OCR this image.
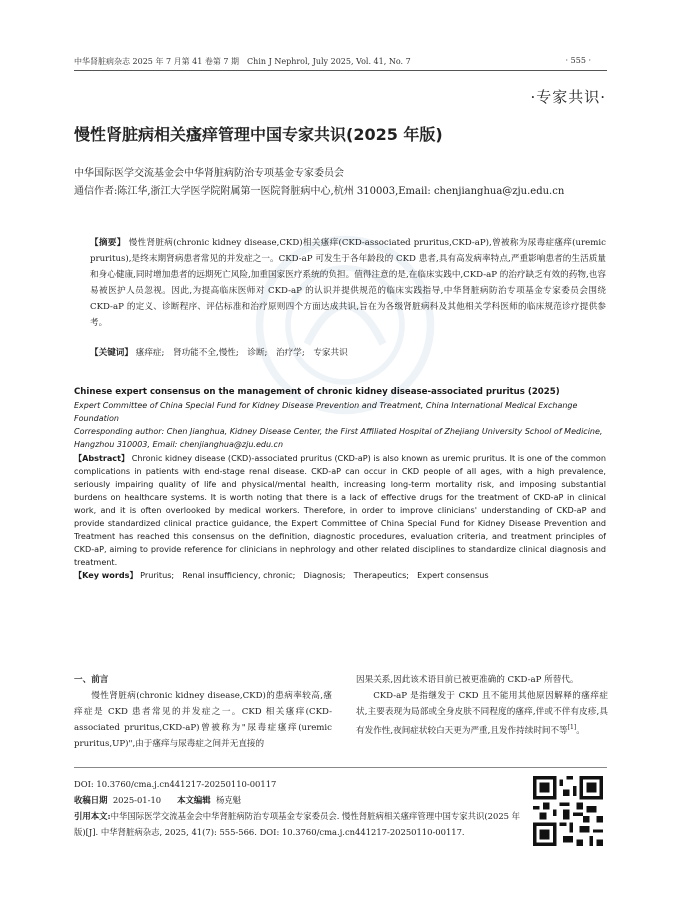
中华肾脏病杂志 2025 年 7 月第 41 卷第 7 期　Chin J Nephrol, July 2025, Vol. 41, No. 7	· 555 ·
·专家共识·
慢性肾脏病相关瘙痒管理中国专家共识(2025 年版)
中华国际医学交流基金会中华肾脏病防治专项基金专家委员会
通信作者:陈江华,浙江大学医学院附属第一医院肾脏病中心,杭州 310003,Email: chenjianghua@zju.edu.cn
【摘要】 慢性肾脏病(chronic kidney disease,CKD)相关瘙痒(CKD-associated pruritus,CKD-aP),曾被称为尿毒症瘙痒(uremic pruritus),是终末期肾病患者常见的并发症之一。CKD-aP 可发生于各年龄段的 CKD 患者,具有高发病率特点,严重影响患者的生活质量和身心健康,同时增加患者的远期死亡风险,加重国家医疗系统的负担。值得注意的是,在临床实践中,CKD-aP 的治疗缺乏有效的药物,也容易被医护人员忽视。因此,为提高临床医师对 CKD-aP 的认识并提供规范的临床实践指导,中华肾脏病防治专项基金专家委员会围绕 CKD-aP 的定义、诊断程序、评估标准和治疗原则四个方面达成共识,旨在为各级肾脏病科及其他相关学科医师的临床规范诊疗提供参考。
【关键词】 瘙痒症;　肾功能不全,慢性;　诊断;　治疗学;　专家共识
Chinese expert consensus on the management of chronic kidney disease-associated pruritus (2025)
Expert Committee of China Special Fund for Kidney Disease Prevention and Treatment, China International Medical Exchange Foundation
Corresponding author: Chen Jianghua, Kidney Disease Center, the First Affiliated Hospital of Zhejiang University School of Medicine, Hangzhou 310003, Email: chenjianghua@zju.edu.cn
【Abstract】 Chronic kidney disease (CKD)-associated pruritus (CKD-aP) is also known as uremic pruritus. It is one of the common complications in patients with end-stage renal disease. CKD-aP can occur in CKD people of all ages, with a high prevalence, seriously impairing quality of life and physical/mental health, increasing long-term mortality risk, and imposing substantial burdens on healthcare systems. It is worth noting that there is a lack of effective drugs for the treatment of CKD-aP in clinical work, and it is often overlooked by medical workers. Therefore, in order to improve clinicians' understanding of CKD-aP and provide standardized clinical practice guidance, the Expert Committee of China Special Fund for Kidney Disease Prevention and Treatment has reached this consensus on the definition, diagnostic procedures, evaluation criteria, and treatment principles of CKD-aP, aiming to provide reference for clinicians in nephrology and other related disciplines to standardize clinical diagnosis and treatment.
【Key words】 Pruritus;　Renal insufficiency, chronic;　Diagnosis;　Therapeutics;　Expert consensus
一、前言

慢性肾脏病(chronic kidney disease,CKD)的患病率较高,瘙痒症是 CKD 患者常见的并发症之一。CKD 相关瘙痒(CKD-associated pruritus,CKD-aP)曾被称为"尿毒症瘙痒(uremic pruritus,UP)",由于瘙痒与尿毒症之间并无直接的

因果关系,因此该术语目前已被更准确的 CKD-aP 所替代。

CKD-aP 是指继发于 CKD 且不能用其他原因解释的瘙痒症状,主要表现为局部或全身皮肤不同程度的瘙痒,伴或不伴有皮疹,具有发作性,夜间症状较白天更为严重,且发作持续时间不等[1]。

DOI: 10.3760/cma.j.cn441217-20250110-00117
收稿日期 2025-01-10 本文编辑 杨克魁
引用本文:中华国际医学交流基金会中华肾脏病防治专项基金专家委员会. 慢性肾脏病相关瘙痒管理中国专家共识(2025 年版)[J]. 中华肾脏病杂志, 2025, 41(7): 555-566. DOI: 10.3760/cma.j.cn441217-20250110-00117.
